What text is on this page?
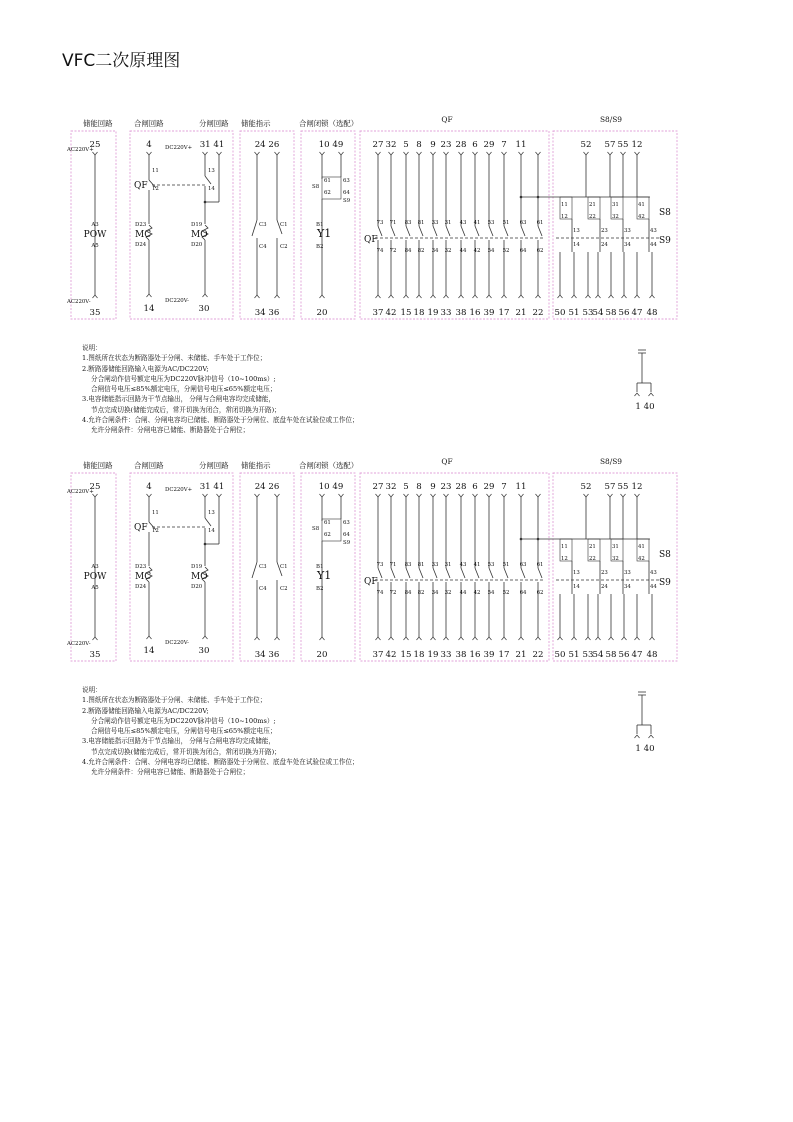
VFC二次原理图
储能回路	合闸回路	分闸回路 储能指示	合闸闭锁（选配）	QF	S8/S9
25
35
AC220V+
AC220V-
A3
POW
A5
4
14
11
12
QF
D23
MC
D24
DC220V+
DC220V-
31 41
30
13
14
D19
MO
D20
24 26
34 36
C3 C1
C4 C2
10 49
20
61
62
63
64
S8
S9
B1
Y1
B2
27 32 5 8 9 23 28 6 29 7 11
37 42 15 18 19 33 38 16 39 17 21 22
73
74
71
72
83
84
81
82
33
34
31
32
43
44
41
42
53
54
51
52
63
64
61
62
QF
52 57 55 12
50 51 53 54 58 56 47 48
11
12
13
14
21
22
23
24
31
32
33
34
41
42
43
44
S8
S9
1 40
说明：
1.图纸所在状态为断路器处于分闸、未储能、手车处于工作位；
2.断路器储能回路输入电源为AC/DC220V;
分合闸动作信号额定电压为DC220V脉冲信号（10~100ms）;
合闸信号电压≤85%额定电压，分闸信号电压≤65%额定电压；
3.电容储能指示回路为干节点输出， 分闸与合闸电容均完成储能，
节点完成切换(储能完成后，常开切换为闭合，常闭切换为开路)；
4.允许合闸条件：合闸、分闸电容均已储能、断路器处于分闸位、底盘车处在试验位或工作位；
允许分闸条件：分闸电容已储能、断路器处于合闸位；
储能回路	合闸回路	分闸回路 储能指示	合闸闭锁（选配）	QF	S8/S9
25
35
AC220V+
AC220V-
A3
POW
A5
4
14
11
12
QF
D23
MC
D24
DC220V+
DC220V-
31 41
30
13
14
D19
MO
D20
24 26
34 36
C3 C1
C4 C2
10 49
20
61
62
63
64
S8
S9
B1
Y1
B2
27 32 5 8 9 23 28 6 29 7 11
37 42 15 18 19 33 38 16 39 17 21 22
73
74
71
72
83
84
81
82
33
34
31
32
43
44
41
42
53
54
51
52
63
64
61
62
QF
52 57 55 12
50 51 53 54 58 56 47 48
11
12
13
14
21
22
23
24
31
32
33
34
41
42
43
44
S8
S9
1 40
说明：
1.图纸所在状态为断路器处于分闸、未储能、手车处于工作位；
2.断路器储能回路输入电源为AC/DC220V;
分合闸动作信号额定电压为DC220V脉冲信号（10~100ms）;
合闸信号电压≤85%额定电压，分闸信号电压≤65%额定电压；
3.电容储能指示回路为干节点输出， 分闸与合闸电容均完成储能，
节点完成切换(储能完成后，常开切换为闭合，常闭切换为开路)；
4.允许合闸条件：合闸、分闸电容均已储能、断路器处于分闸位、底盘车处在试验位或工作位；
允许分闸条件：分闸电容已储能、断路器处于合闸位；
